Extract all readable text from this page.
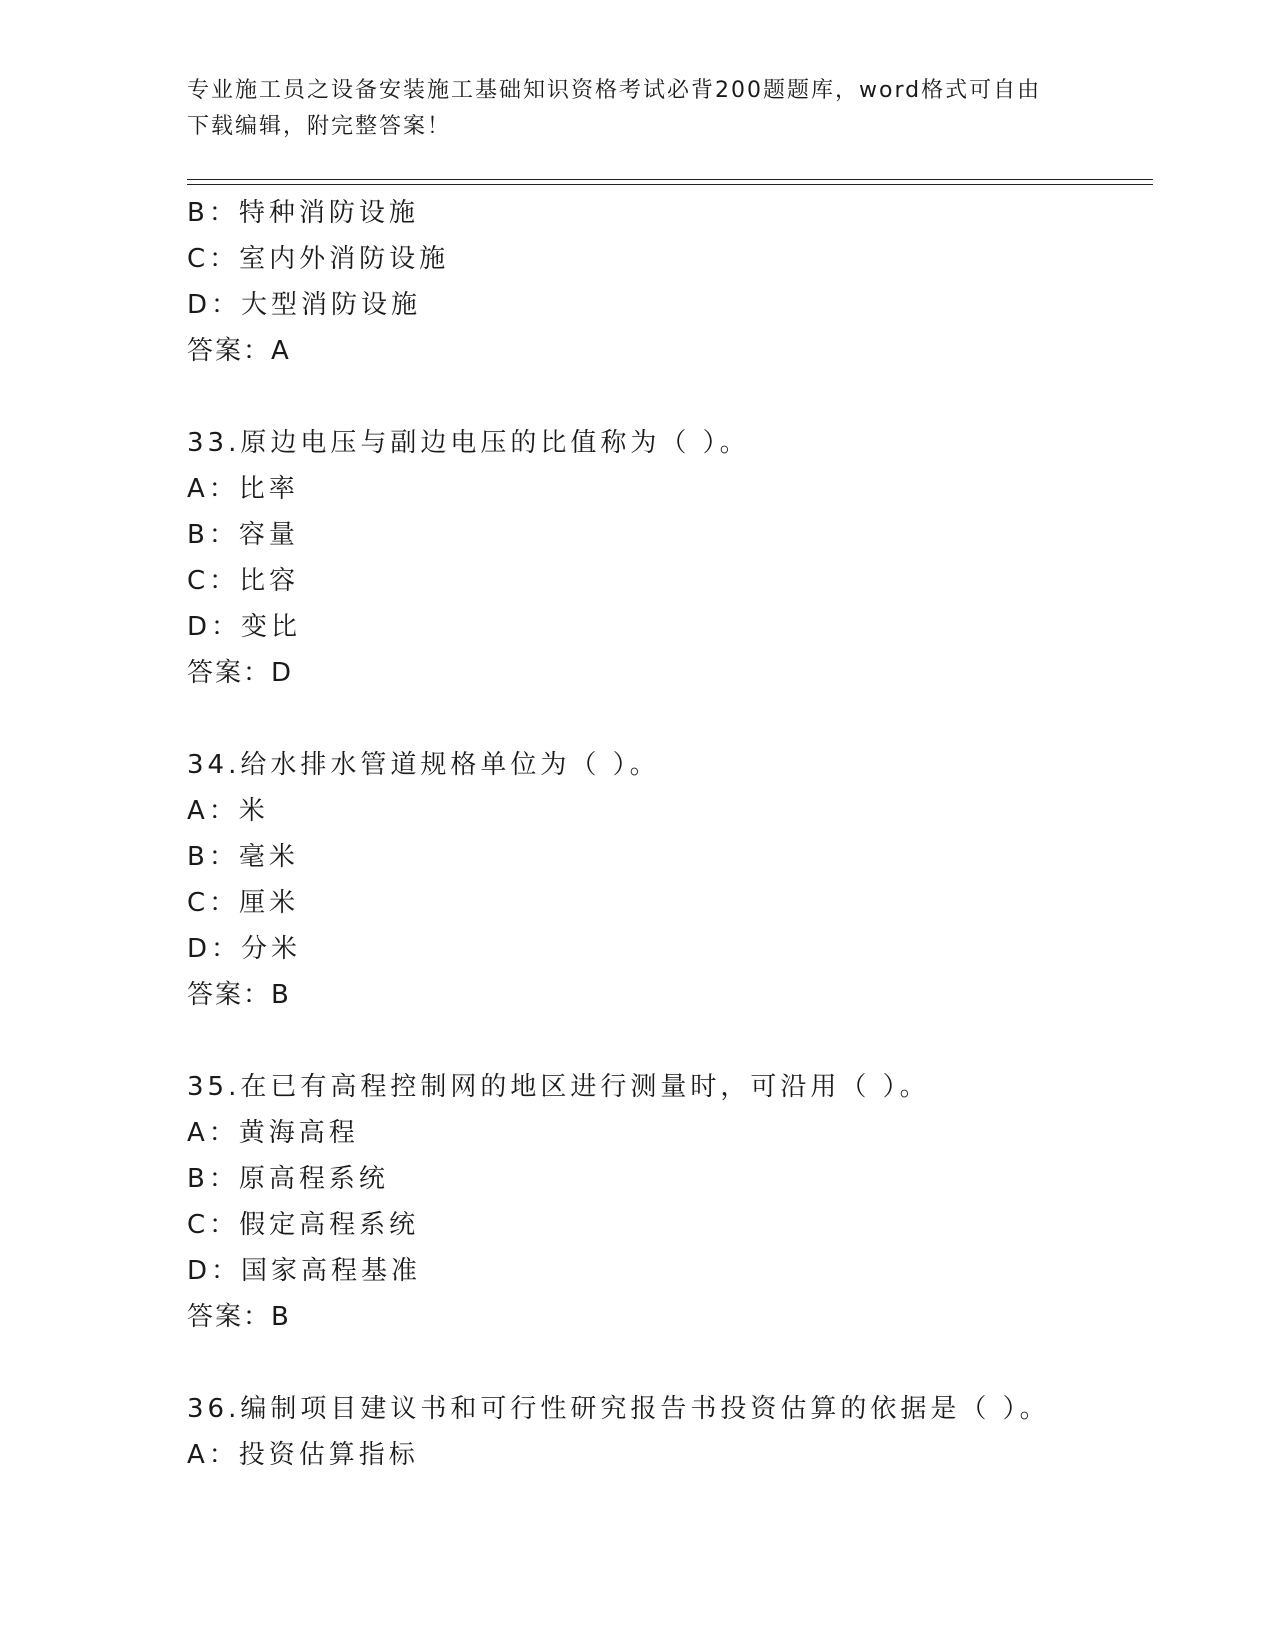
专业施工员之设备安装施工基础知识资格考试必背200题题库，word格式可自由
下载编辑，附完整答案！
B：特种消防设施
C：室内外消防设施
D：大型消防设施
答案：A
33.原边电压与副边电压的比值称为（ ）。
A：比率
B：容量
C：比容
D：变比
答案：D
34.给水排水管道规格单位为（ ）。
A：米
B：毫米
C：厘米
D：分米
答案：B
35.在已有高程控制网的地区进行测量时，可沿用（ ）。
A：黄海高程
B：原高程系统
C：假定高程系统
D：国家高程基准
答案：B
36.编制项目建议书和可行性研究报告书投资估算的依据是（ ）。
A：投资估算指标
